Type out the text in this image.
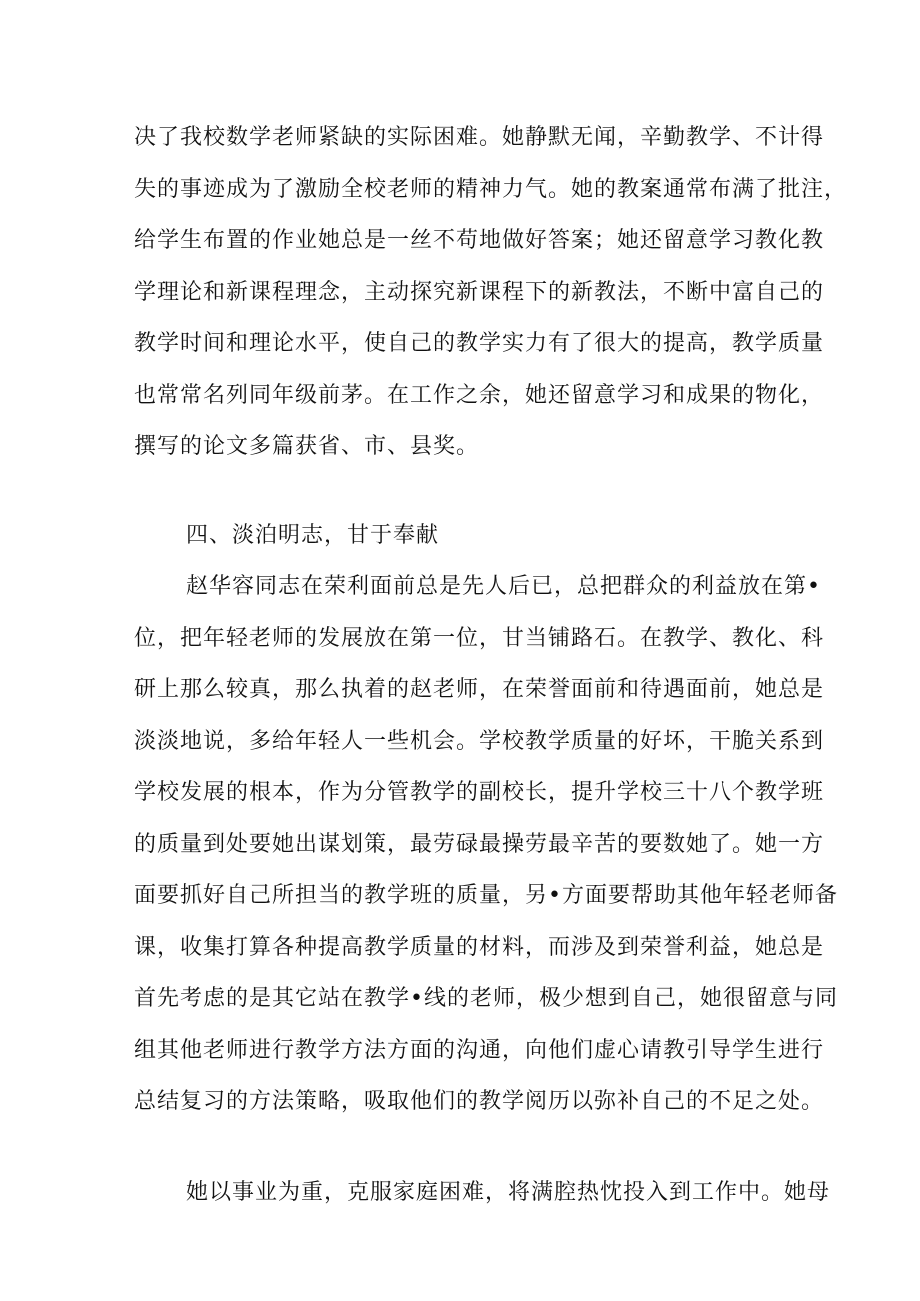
决了我校数学老师紧缺的实际困难。她静默无闻，辛勤教学、不计得
失的事迹成为了激励全校老师的精神力气。她的教案通常布满了批注，
给学生布置的作业她总是一丝不苟地做好答案；她还留意学习教化教
学理论和新课程理念，主动探究新课程下的新教法，不断中富自己的
教学时间和理论水平，使自己的教学实力有了很大的提高，教学质量
也常常名列同年级前茅。在工作之余，她还留意学习和成果的物化，
撰写的论文多篇获省、市、县奖。
四、淡泊明志，甘于奉献
赵华容同志在荣利面前总是先人后已，总把群众的利益放在第•
位，把年轻老师的发展放在第一位，甘当铺路石。在教学、教化、科
研上那么较真，那么执着的赵老师，在荣誉面前和待遇面前，她总是
淡淡地说，多给年轻人一些机会。学校教学质量的好坏，干脆关系到
学校发展的根本，作为分管教学的副校长，提升学校三十八个教学班
的质量到处要她出谋划策，最劳碌最操劳最辛苦的要数她了。她一方
面要抓好自己所担当的教学班的质量，另•方面要帮助其他年轻老师备
课，收集打算各种提高教学质量的材料，而涉及到荣誉利益，她总是
首先考虑的是其它站在教学•线的老师，极少想到自己，她很留意与同
组其他老师进行教学方法方面的沟通，向他们虚心请教引导学生进行
总结复习的方法策略，吸取他们的教学阅历以弥补自己的不足之处。
她以事业为重，克服家庭困难，将满腔热忱投入到工作中。她母
